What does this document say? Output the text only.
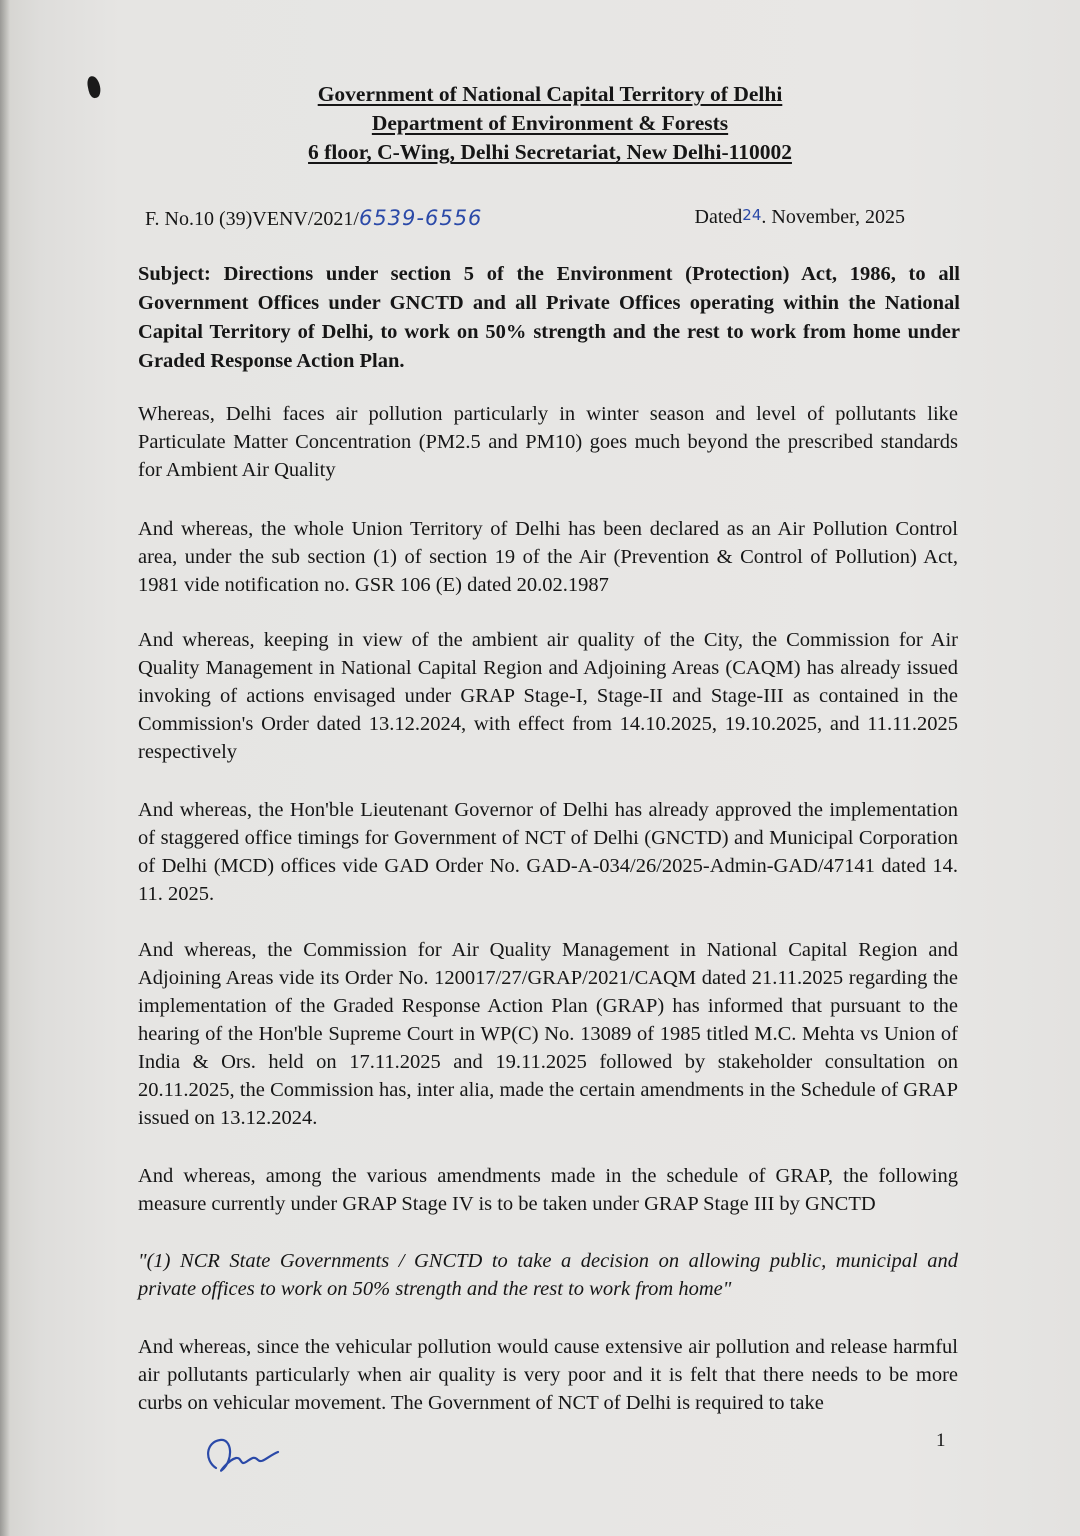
Government of National Capital Territory of Delhi
Department of Environment & Forests
6 floor, C-Wing, Delhi Secretariat, New Delhi-110002
F. No.10 (39)VENV/2021/6539-6556	Dated24. November, 2025
Subject: Directions under section 5 of the Environment (Protection) Act, 1986, to all Government Offices under GNCTD and all Private Offices operating within the National Capital Territory of Delhi, to work on 50% strength and the rest to work from home under Graded Response Action Plan.
Whereas, Delhi faces air pollution particularly in winter season and level of pollutants like Particulate Matter Concentration (PM2.5 and PM10) goes much beyond the prescribed standards for Ambient Air Quality
And whereas, the whole Union Territory of Delhi has been declared as an Air Pollution Control area, under the sub section (1) of section 19 of the Air (Prevention & Control of Pollution) Act, 1981 vide notification no. GSR 106 (E) dated 20.02.1987
And whereas, keeping in view of the ambient air quality of the City, the Commission for Air Quality Management in National Capital Region and Adjoining Areas (CAQM) has already issued invoking of actions envisaged under GRAP Stage-I, Stage-II and Stage-III as contained in the Commission's Order dated 13.12.2024, with effect from 14.10.2025, 19.10.2025, and 11.11.2025 respectively
And whereas, the Hon'ble Lieutenant Governor of Delhi has already approved the implementation of staggered office timings for Government of NCT of Delhi (GNCTD) and Municipal Corporation of Delhi (MCD) offices vide GAD Order No. GAD-A-034/26/2025-Admin-GAD/47141 dated 14. 11. 2025.
And whereas, the Commission for Air Quality Management in National Capital Region and Adjoining Areas vide its Order No. 120017/27/GRAP/2021/CAQM dated 21.11.2025 regarding the implementation of the Graded Response Action Plan (GRAP) has informed that pursuant to the hearing of the Hon'ble Supreme Court in WP(C) No. 13089 of 1985 titled M.C. Mehta vs Union of India & Ors. held on 17.11.2025 and 19.11.2025 followed by stakeholder consultation on 20.11.2025, the Commission has, inter alia, made the certain amendments in the Schedule of GRAP issued on 13.12.2024.
And whereas, among the various amendments made in the schedule of GRAP, the following measure currently under GRAP Stage IV is to be taken under GRAP Stage III by GNCTD
"(1) NCR State Governments / GNCTD to take a decision on allowing public, municipal and private offices to work on 50% strength and the rest to work from home"
And whereas, since the vehicular pollution would cause extensive air pollution and release harmful air pollutants particularly when air quality is very poor and it is felt that there needs to be more curbs on vehicular movement. The Government of NCT of Delhi is required to take
1
